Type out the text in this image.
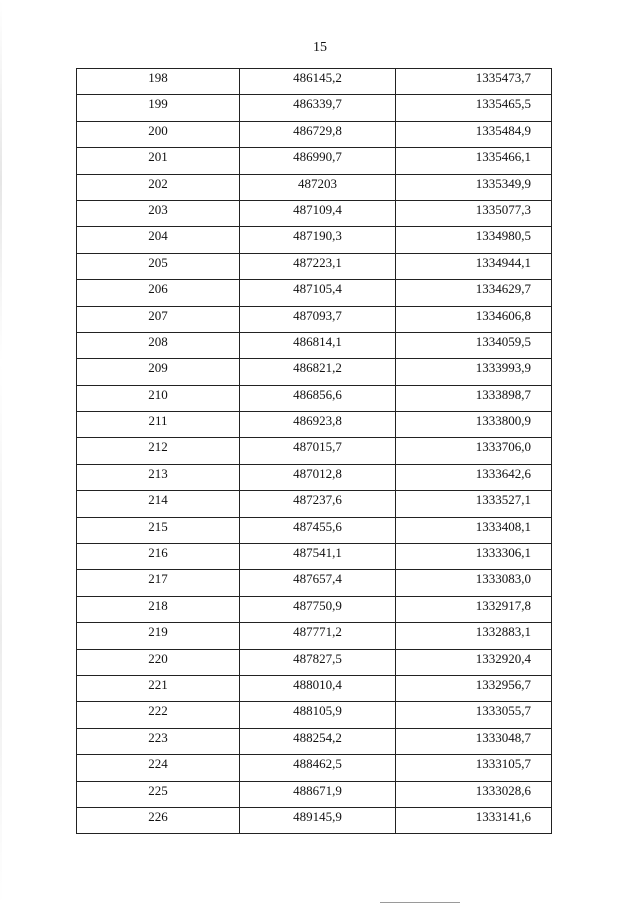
15
198	486145,2	1335473,7
199	486339,7	1335465,5
200	486729,8	1335484,9
201	486990,7	1335466,1
202	487203	1335349,9
203	487109,4	1335077,3
204	487190,3	1334980,5
205	487223,1	1334944,1
206	487105,4	1334629,7
207	487093,7	1334606,8
208	486814,1	1334059,5
209	486821,2	1333993,9
210	486856,6	1333898,7
211	486923,8	1333800,9
212	487015,7	1333706,0
213	487012,8	1333642,6
214	487237,6	1333527,1
215	487455,6	1333408,1
216	487541,1	1333306,1
217	487657,4	1333083,0
218	487750,9	1332917,8
219	487771,2	1332883,1
220	487827,5	1332920,4
221	488010,4	1332956,7
222	488105,9	1333055,7
223	488254,2	1333048,7
224	488462,5	1333105,7
225	488671,9	1333028,6
226	489145,9	1333141,6
